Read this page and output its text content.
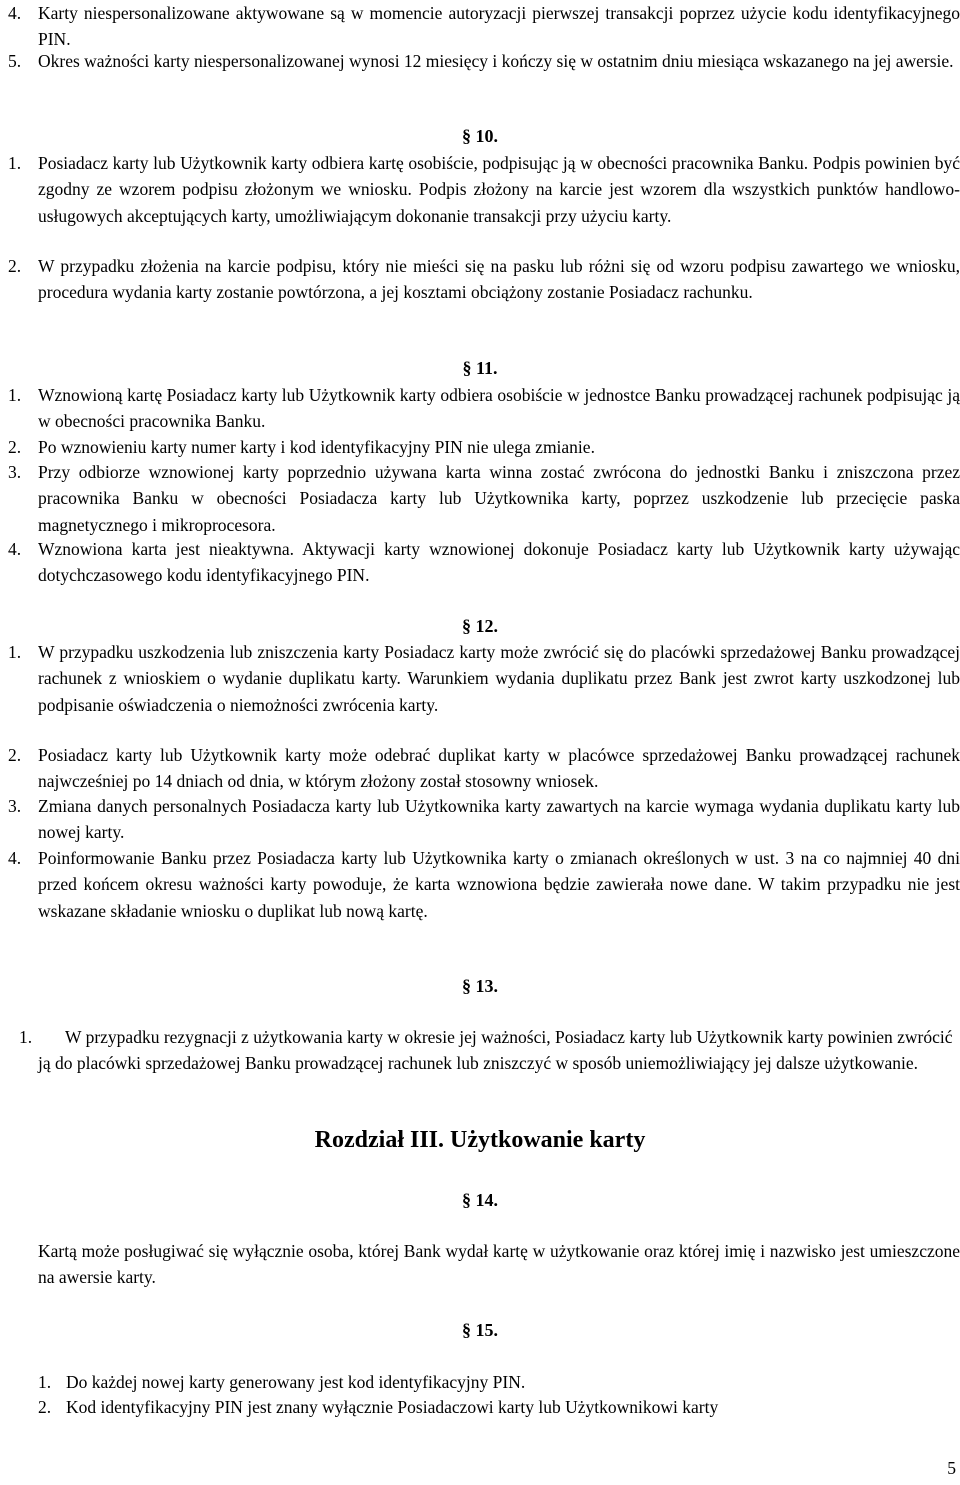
4. Karty niespersonalizowane aktywowane są w momencie autoryzacji pierwszej transakcji poprzez użycie kodu identyfikacyjnego PIN.
5. Okres ważności karty niespersonalizowanej wynosi 12 miesięcy i kończy się w ostatnim dniu miesiąca wskazanego na jej awersie.
§ 10.
1. Posiadacz karty lub Użytkownik karty odbiera kartę osobiście, podpisując ją w obecności pracownika Banku. Podpis powinien być zgodny ze wzorem podpisu złożonym we wniosku. Podpis złożony na karcie jest wzorem dla wszystkich punktów handlowo-usługowych akceptujących karty, umożliwiającym dokonanie transakcji przy użyciu karty.
2. W przypadku złożenia na karcie podpisu, który nie mieści się na pasku lub różni się od wzoru podpisu zawartego we wniosku, procedura wydania karty zostanie powtórzona, a jej kosztami obciążony zostanie Posiadacz rachunku.
§ 11.
1. Wznowioną kartę Posiadacz karty lub Użytkownik karty odbiera osobiście w jednostce Banku prowadzącej rachunek podpisując ją w obecności pracownika Banku.
2. Po wznowieniu karty numer karty i kod identyfikacyjny PIN nie ulega zmianie.
3. Przy odbiorze wznowionej karty poprzednio używana karta winna zostać zwrócona do jednostki Banku i zniszczona przez pracownika Banku w obecności Posiadacza karty lub Użytkownika karty, poprzez uszkodzenie lub przecięcie paska magnetycznego i mikroprocesora.
4. Wznowiona karta jest nieaktywna. Aktywacji karty wznowionej dokonuje Posiadacz karty lub Użytkownik karty używając dotychczasowego kodu identyfikacyjnego PIN.
§ 12.
1. W przypadku uszkodzenia lub zniszczenia karty Posiadacz karty może zwrócić się do placówki sprzedażowej Banku prowadzącej rachunek z wnioskiem o wydanie duplikatu karty. Warunkiem wydania duplikatu przez Bank jest zwrot karty uszkodzonej lub podpisanie oświadczenia o niemożności zwrócenia karty.
2. Posiadacz karty lub Użytkownik karty może odebrać duplikat karty w placówce sprzedażowej Banku prowadzącej rachunek najwcześniej po 14 dniach od dnia, w którym złożony został stosowny wniosek.
3. Zmiana danych personalnych Posiadacza karty lub Użytkownika karty zawartych na karcie wymaga wydania duplikatu karty lub nowej karty.
4. Poinformowanie Banku przez Posiadacza karty lub Użytkownika karty o zmianach określonych w ust. 3 na co najmniej 40 dni przed końcem okresu ważności karty powoduje, że karta wznowiona będzie zawierała nowe dane. W takim przypadku nie jest wskazane składanie wniosku o duplikat lub nową kartę.
§ 13.
1. W przypadku rezygnacji z użytkowania karty w okresie jej ważności, Posiadacz karty lub Użytkownik karty powinien zwrócić ją do placówki sprzedażowej Banku prowadzącej rachunek lub zniszczyć w sposób uniemożliwiający jej dalsze użytkowanie.
Rozdział III. Użytkowanie karty
§ 14.
Kartą może posługiwać się wyłącznie osoba, której Bank wydał kartę w użytkowanie oraz której imię i nazwisko jest umieszczone na awersie karty.
§ 15.
1. Do każdej nowej karty generowany jest kod identyfikacyjny PIN.
2. Kod identyfikacyjny PIN jest znany wyłącznie Posiadaczowi karty lub Użytkownikowi karty
5
